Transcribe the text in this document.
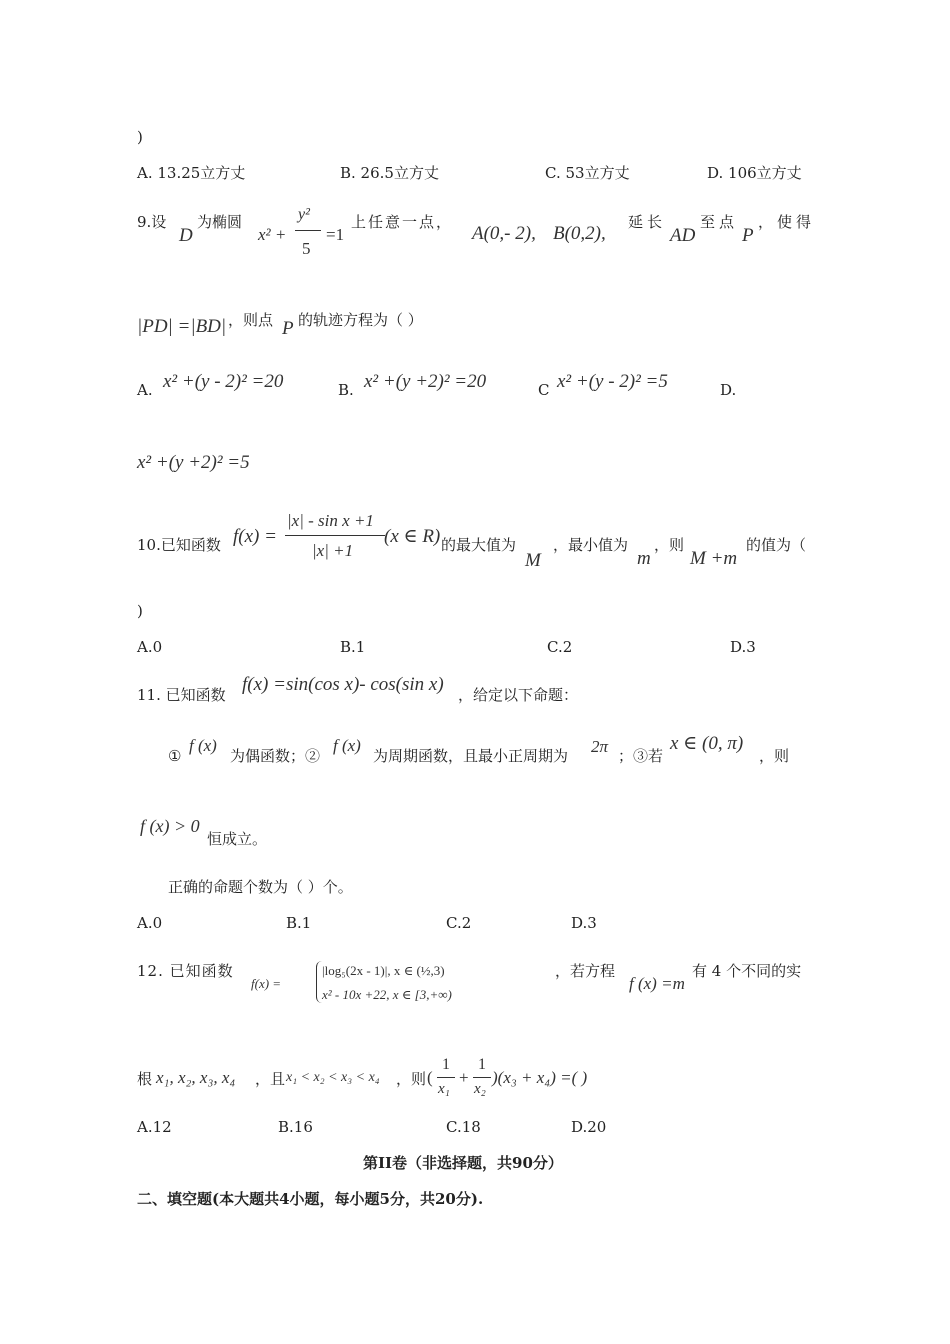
)
A. 13.25立方丈	B. 26.5立方丈	C. 53立方丈	D. 106立方丈
9.设
D
为椭圆
x² +
y²
5
=1
上任意一点，
A(0,- 2), B(0,2),
延长
AD
至点
P
，使得
|PD| =|BD| ，则点 P 的轨迹方程为（ ）
A. x² +(y - 2)² =20	B. x² +(y +2)² =20	C x² +(y - 2)² =5	D.
x² +(y +2)² =5
10.已知函数 f(x) =
|x| - sin x +1
|x| +1
(x ∈ R) 的最大值为
M
，最小值为
m
，则
M +m
的值为（
)
A.0	B.1	C.2	D.3
11. 已知函数 f(x) =sin(cos x)- cos(sin x) ，给定以下命题：
①
f (x)
为偶函数；②
f (x)
为周期函数，且最小正周期为 2π ；③若
x ∈ (0, π)
，则
f (x) > 0
恒成立。
正确的命题个数为（ ）个。
A.0	B.1	C.2	D.3
12. 已知函数
f(x) =
|log₅(2x - 1)|, x ∈ (½,3)
x² - 10x +22, x ∈ [3,+∞)
，若方程
f (x) =m
有 4 个不同的实
根 x₁, x₂, x₃, x₄ ，且 x₁ < x₂ < x₃ < x₄ ，则 (
1
x₁
+
1
x₂
)(x₃ + x₄) =( )
A.12	B.16	C.18	D.20
第II卷（非选择题，共90分）
二、填空题(本大题共4小题，每小题5分，共20分).
